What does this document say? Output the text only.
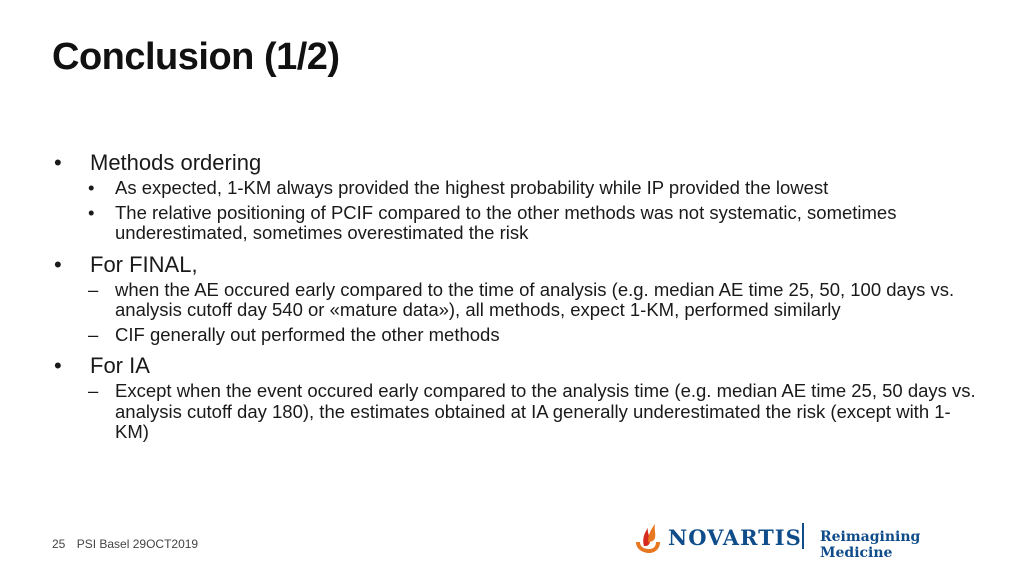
Conclusion (1/2)
• Methods ordering
• As expected, 1-KM always provided the highest probability while IP provided the lowest
• The relative positioning of PCIF compared to the other methods was not systematic, sometimes underestimated, sometimes overestimated the risk
• For FINAL,
– when the AE occured early compared to the time of analysis (e.g. median AE time 25, 50, 100 days vs. analysis cutoff day 540 or «mature data»), all methods, expect 1-KM, performed similarly
– CIF generally out performed the other methods
• For IA
– Except when the event occured early compared to the analysis time (e.g. median AE time 25, 50 days vs. analysis cutoff day 180), the estimates obtained at IA generally underestimated the risk (except with 1-KM)
25 PSI Basel 29OCT2019	NOVARTIS Reimagining Medicine
